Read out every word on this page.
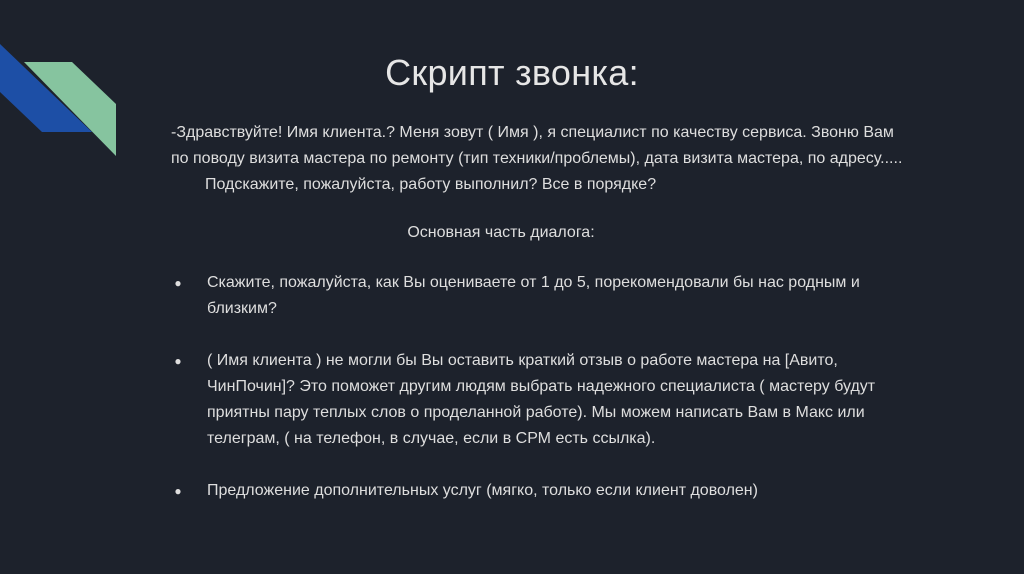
Скрипт звонка:

-Здравствуйте! Имя клиента.? Меня зовут ( Имя ), я специалист по качеству сервиса. Звоню Вам по поводу визита мастера по ремонту (тип техники/проблемы), дата визита мастера, по адресу.....Подскажите, пожалуйста, работу выполнил? Все в порядке?

Основная часть диалога:

● Скажите, пожалуйста, как Вы оцениваете от 1 до 5, порекомендовали бы нас родным и близким?
● ( Имя клиента ) не могли бы Вы оставить краткий отзыв о работе мастера на [Авито, ЧинПочин]? Это поможет другим людям выбрать надежного специалиста ( мастеру будут приятны пару теплых слов о проделанной работе). Мы можем написать Вам в Макс или телеграм, ( на телефон, в случае, если в СРМ есть ссылка).
● Предложение дополнительных услуг (мягко, только если клиент доволен)
